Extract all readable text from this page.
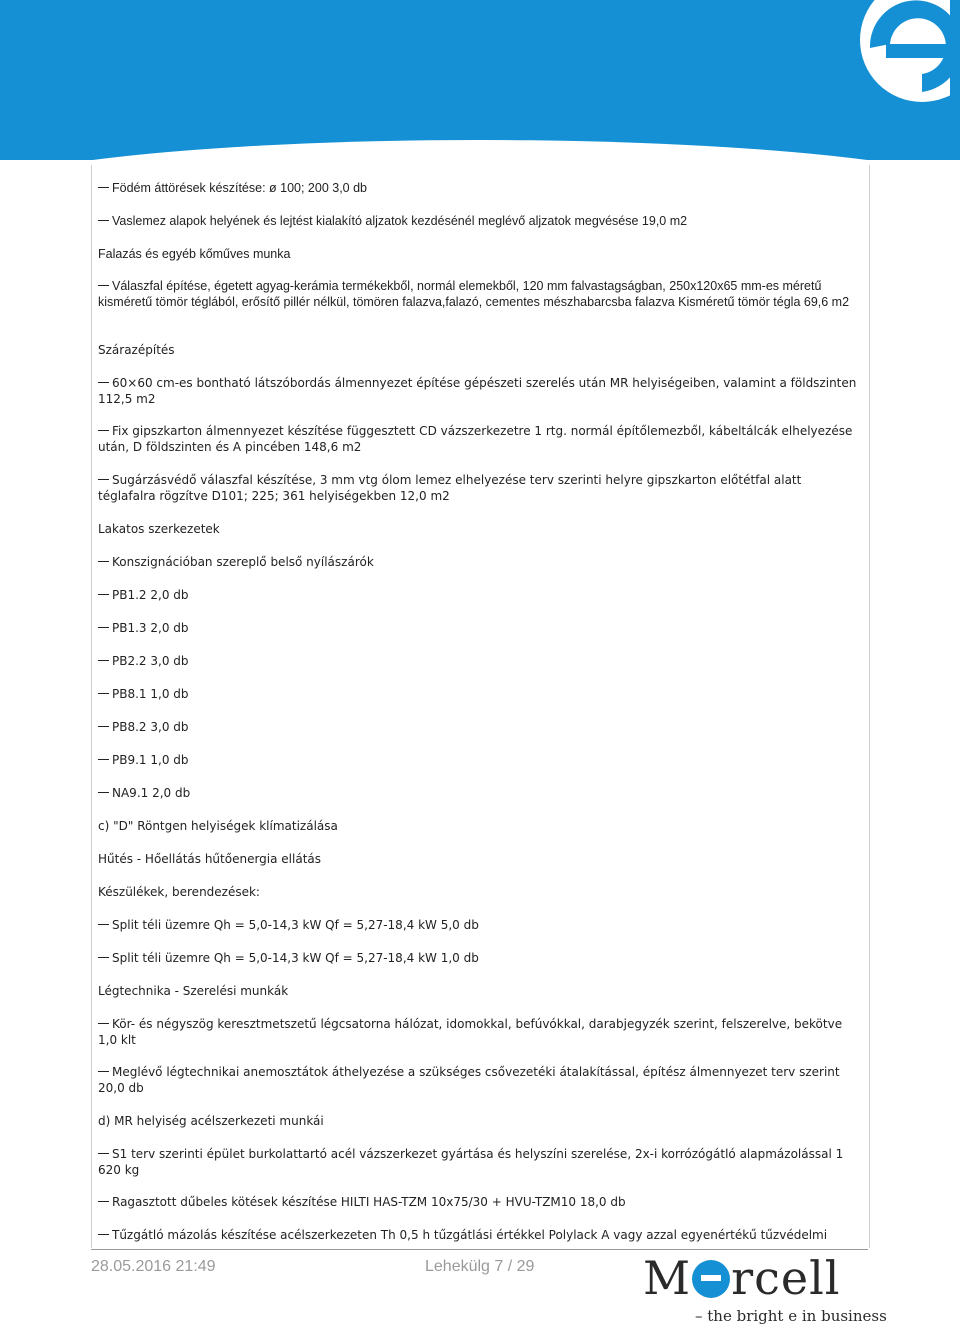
Födém áttörések készítése: ø 100; 200 3,0 db

Vaslemez alapok helyének és lejtést kialakító aljzatok kezdésénél meglévő aljzatok megvésése 19,0 m2

Falazás és egyéb kőműves munka

Válaszfal építése, égetett agyag-kerámia termékekből, normál elemekből, 120 mm falvastagságban, 250x120x65 mm-es méretű kisméretű tömör téglából, erősítő pillér nélkül, tömören falazva,falazó, cementes mészhabarcsba falazva Kisméretű tömör tégla 69,6 m2

Szárazépítés

60×60 cm-es bontható látszóbordás álmennyezet építése gépészeti szerelés után MR helyiségeiben, valamint a földszinten 112,5 m2

Fix gipszkarton álmennyezet készítése függesztett CD vázszerkezetre 1 rtg. normál építőlemezből, kábeltálcák elhelyezése után, D földszinten és A pincében 148,6 m2

Sugárzásvédő válaszfal készítése, 3 mm vtg ólom lemez elhelyezése terv szerinti helyre gipszkarton előtétfal alatt téglafalra rögzítve D101; 225; 361 helyiségekben 12,0 m2

Lakatos szerkezetek

Konszignációban szereplő belső nyílászárók

PB1.2 2,0 db

PB1.3 2,0 db

PB2.2 3,0 db

PB8.1 1,0 db

PB8.2 3,0 db

PB9.1 1,0 db

NA9.1 2,0 db

c) "D" Röntgen helyiségek klímatizálása

Hűtés - Hőellátás hűtőenergia ellátás

Készülékek, berendezések:

Split téli üzemre Qh = 5,0-14,3 kW Qf = 5,27-18,4 kW 5,0 db

Split téli üzemre Qh = 5,0-14,3 kW Qf = 5,27-18,4 kW 1,0 db

Légtechnika - Szerelési munkák

Kör- és négyszög keresztmetszetű légcsatorna hálózat, idomokkal, befúvókkal, darabjegyzék szerint, felszerelve, bekötve 1,0 klt

Meglévő légtechnikai anemosztátok áthelyezése a szükséges csővezetéki átalakítással, építész álmennyezet terv szerint 20,0 db

d) MR helyiség acélszerkezeti munkái

S1 terv szerinti épület burkolattartó acél vázszerkezet gyártása és helyszíni szerelése, 2x-i korrózógátló alapmázolással 1 620 kg

Ragasztott dűbeles kötések készítése HILTI HAS-TZM 10x75/30 + HVU-TZM10 18,0 db

Tűzgátló mázolás készítése acélszerkezeten Th 0,5 h tűzgátlási értékkel Polylack A vagy azzal egyenértékű tűzvédelmi

28.05.2016 21:49	Lehekülg 7 / 29 M rcell
– the bright e in business
